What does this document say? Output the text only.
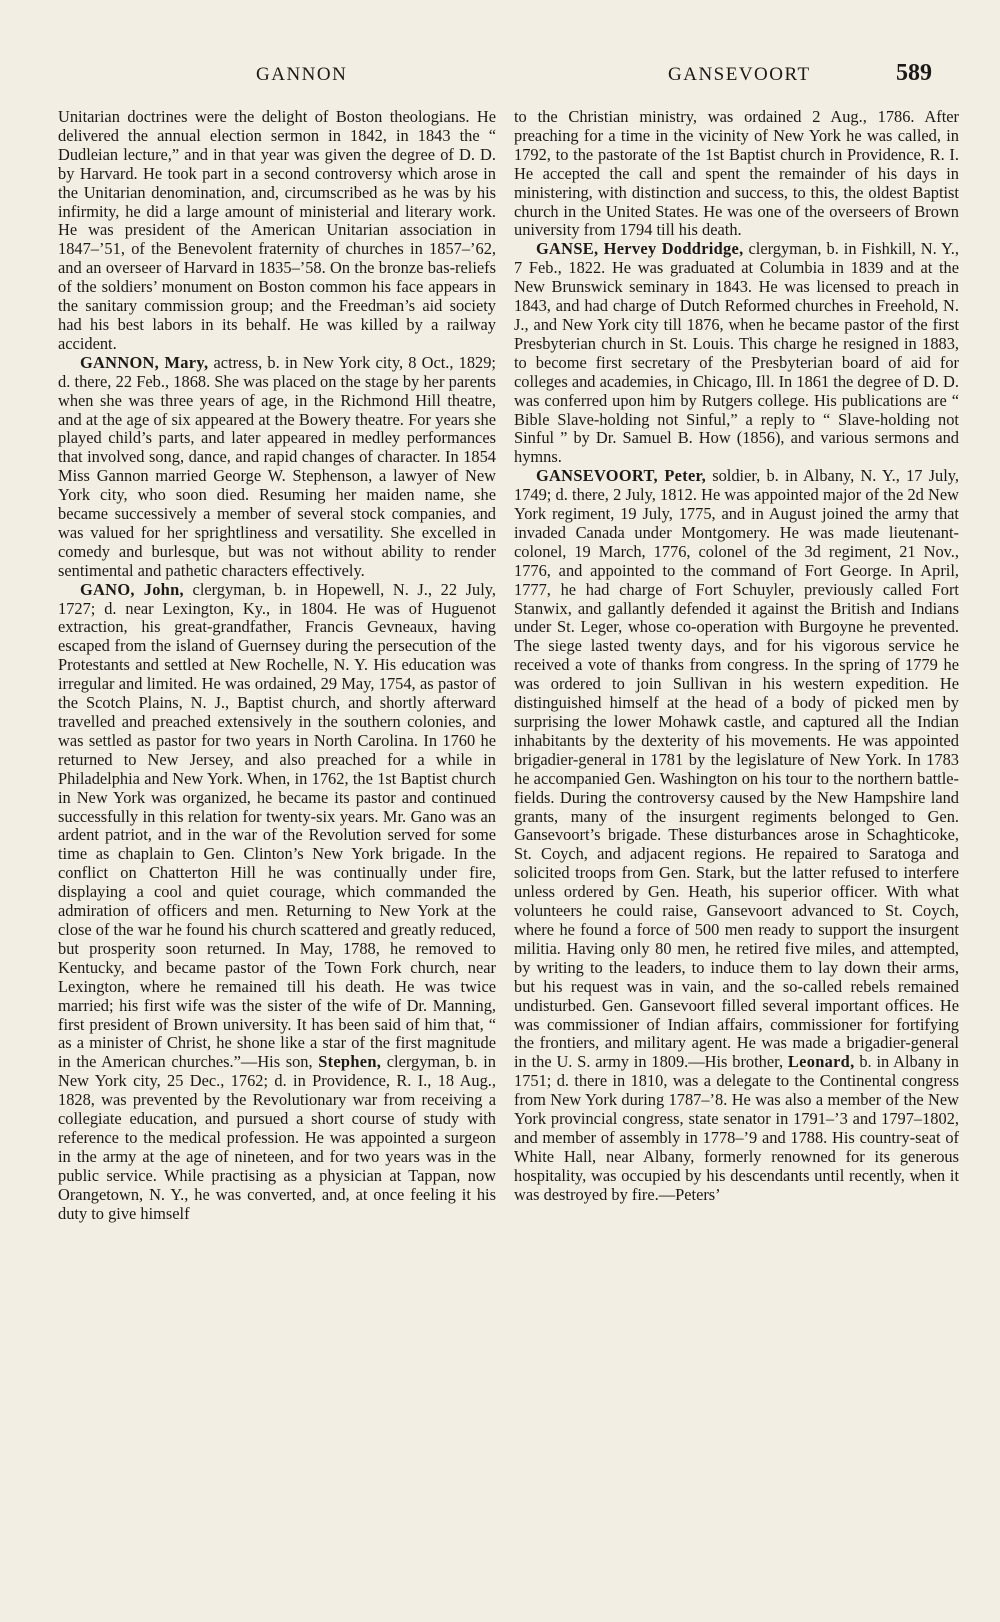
GANNON	GANSEVOORT	589

Unitarian doctrines were the delight of Boston theologians. He delivered the annual election sermon in 1842, in 1843 the “ Dudleian lecture,” and in that year was given the degree of D. D. by Harvard. He took part in a second controversy which arose in the Unitarian denomination, and, circumscribed as he was by his infirmity, he did a large amount of ministerial and literary work. He was president of the American Unitarian association in 1847–’51, of the Benevolent fraternity of churches in 1857–’62, and an overseer of Harvard in 1835–’58. On the bronze bas-reliefs of the soldiers’ monument on Boston common his face appears in the sanitary commission group; and the Freedman’s aid society had his best labors in its behalf. He was killed by a railway accident.

GANNON, Mary, actress, b. in New York city, 8 Oct., 1829; d. there, 22 Feb., 1868. She was placed on the stage by her parents when she was three years of age, in the Richmond Hill theatre, and at the age of six appeared at the Bowery theatre. For years she played child’s parts, and later appeared in medley performances that involved song, dance, and rapid changes of character. In 1854 Miss Gannon married George W. Stephenson, a lawyer of New York city, who soon died. Resuming her maiden name, she became successively a member of several stock companies, and was valued for her sprightliness and versatility. She excelled in comedy and burlesque, but was not without ability to render sentimental and pathetic characters effectively.

GANO, John, clergyman, b. in Hopewell, N. J., 22 July, 1727; d. near Lexington, Ky., in 1804. He was of Huguenot extraction, his great-grandfather, Francis Gevneaux, having escaped from the island of Guernsey during the persecution of the Protestants and settled at New Rochelle, N. Y. His education was irregular and limited. He was ordained, 29 May, 1754, as pastor of the Scotch Plains, N. J., Baptist church, and shortly afterward travelled and preached extensively in the southern colonies, and was settled as pastor for two years in North Carolina. In 1760 he returned to New Jersey, and also preached for a while in Philadelphia and New York. When, in 1762, the 1st Baptist church in New York was organized, he became its pastor and continued successfully in this relation for twenty-six years. Mr. Gano was an ardent patriot, and in the war of the Revolution served for some time as chaplain to Gen. Clinton’s New York brigade. In the conflict on Chatterton Hill he was continually under fire, displaying a cool and quiet courage, which commanded the admiration of officers and men. Returning to New York at the close of the war he found his church scattered and greatly reduced, but prosperity soon returned. In May, 1788, he removed to Kentucky, and became pastor of the Town Fork church, near Lexington, where he remained till his death. He was twice married; his first wife was the sister of the wife of Dr. Manning, first president of Brown university. It has been said of him that, “ as a minister of Christ, he shone like a star of the first magnitude in the American churches.”—His son, Stephen, clergyman, b. in New York city, 25 Dec., 1762; d. in Providence, R. I., 18 Aug., 1828, was prevented by the Revolutionary war from receiving a collegiate education, and pursued a short course of study with reference to the medical profession. He was appointed a surgeon in the army at the age of nineteen, and for two years was in the public service. While practising as a physician at Tappan, now Orangetown, N. Y., he was converted, and, at once feeling it his duty to give himself

to the Christian ministry, was ordained 2 Aug., 1786. After preaching for a time in the vicinity of New York he was called, in 1792, to the pastorate of the 1st Baptist church in Providence, R. I. He accepted the call and spent the remainder of his days in ministering, with distinction and success, to this, the oldest Baptist church in the United States. He was one of the overseers of Brown university from 1794 till his death.

GANSE, Hervey Doddridge, clergyman, b. in Fishkill, N. Y., 7 Feb., 1822. He was graduated at Columbia in 1839 and at the New Brunswick seminary in 1843. He was licensed to preach in 1843, and had charge of Dutch Reformed churches in Freehold, N. J., and New York city till 1876, when he became pastor of the first Presbyterian church in St. Louis. This charge he resigned in 1883, to become first secretary of the Presbyterian board of aid for colleges and academies, in Chicago, Ill. In 1861 the degree of D. D. was conferred upon him by Rutgers college. His publications are “ Bible Slave-holding not Sinful,” a reply to “ Slave-holding not Sinful ” by Dr. Samuel B. How (1856), and various sermons and hymns.

GANSEVOORT, Peter, soldier, b. in Albany, N. Y., 17 July, 1749; d. there, 2 July, 1812. He was appointed major of the 2d New York regiment, 19 July, 1775, and in August joined the army that invaded Canada under Montgomery. He was made lieutenant-colonel, 19 March, 1776, colonel of the 3d regiment, 21 Nov., 1776, and appointed to the command of Fort George. In April, 1777, he had charge of Fort Schuyler, previously called Fort Stanwix, and gallantly defended it against the British and Indians under St. Leger, whose co-operation with Burgoyne he prevented. The siege lasted twenty days, and for his vigorous service he received a vote of thanks from congress. In the spring of 1779 he was ordered to join Sullivan in his western expedition. He distinguished himself at the head of a body of picked men by surprising the lower Mohawk castle, and captured all the Indian inhabitants by the dexterity of his movements. He was appointed brigadier-general in 1781 by the legislature of New York. In 1783 he accompanied Gen. Washington on his tour to the northern battle-fields. During the controversy caused by the New Hampshire land grants, many of the insurgent regiments belonged to Gen. Gansevoort’s brigade. These disturbances arose in Schaghticoke, St. Coych, and adjacent regions. He repaired to Saratoga and solicited troops from Gen. Stark, but the latter refused to interfere unless ordered by Gen. Heath, his superior officer. With what volunteers he could raise, Gansevoort advanced to St. Coych, where he found a force of 500 men ready to support the insurgent militia. Having only 80 men, he retired five miles, and attempted, by writing to the leaders, to induce them to lay down their arms, but his request was in vain, and the so-called rebels remained undisturbed. Gen. Gansevoort filled several important offices. He was commissioner of Indian affairs, commissioner for fortifying the frontiers, and military agent. He was made a brigadier-general in the U. S. army in 1809.—His brother, Leonard, b. in Albany in 1751; d. there in 1810, was a delegate to the Continental congress from New York during 1787–’8. He was also a member of the New York provincial congress, state senator in 1791–’3 and 1797–1802, and member of assembly in 1778–’9 and 1788. His country-seat of White Hall, near Albany, formerly renowned for its generous hospitality, was occupied by his descendants until recently, when it was destroyed by fire.—Peters’
